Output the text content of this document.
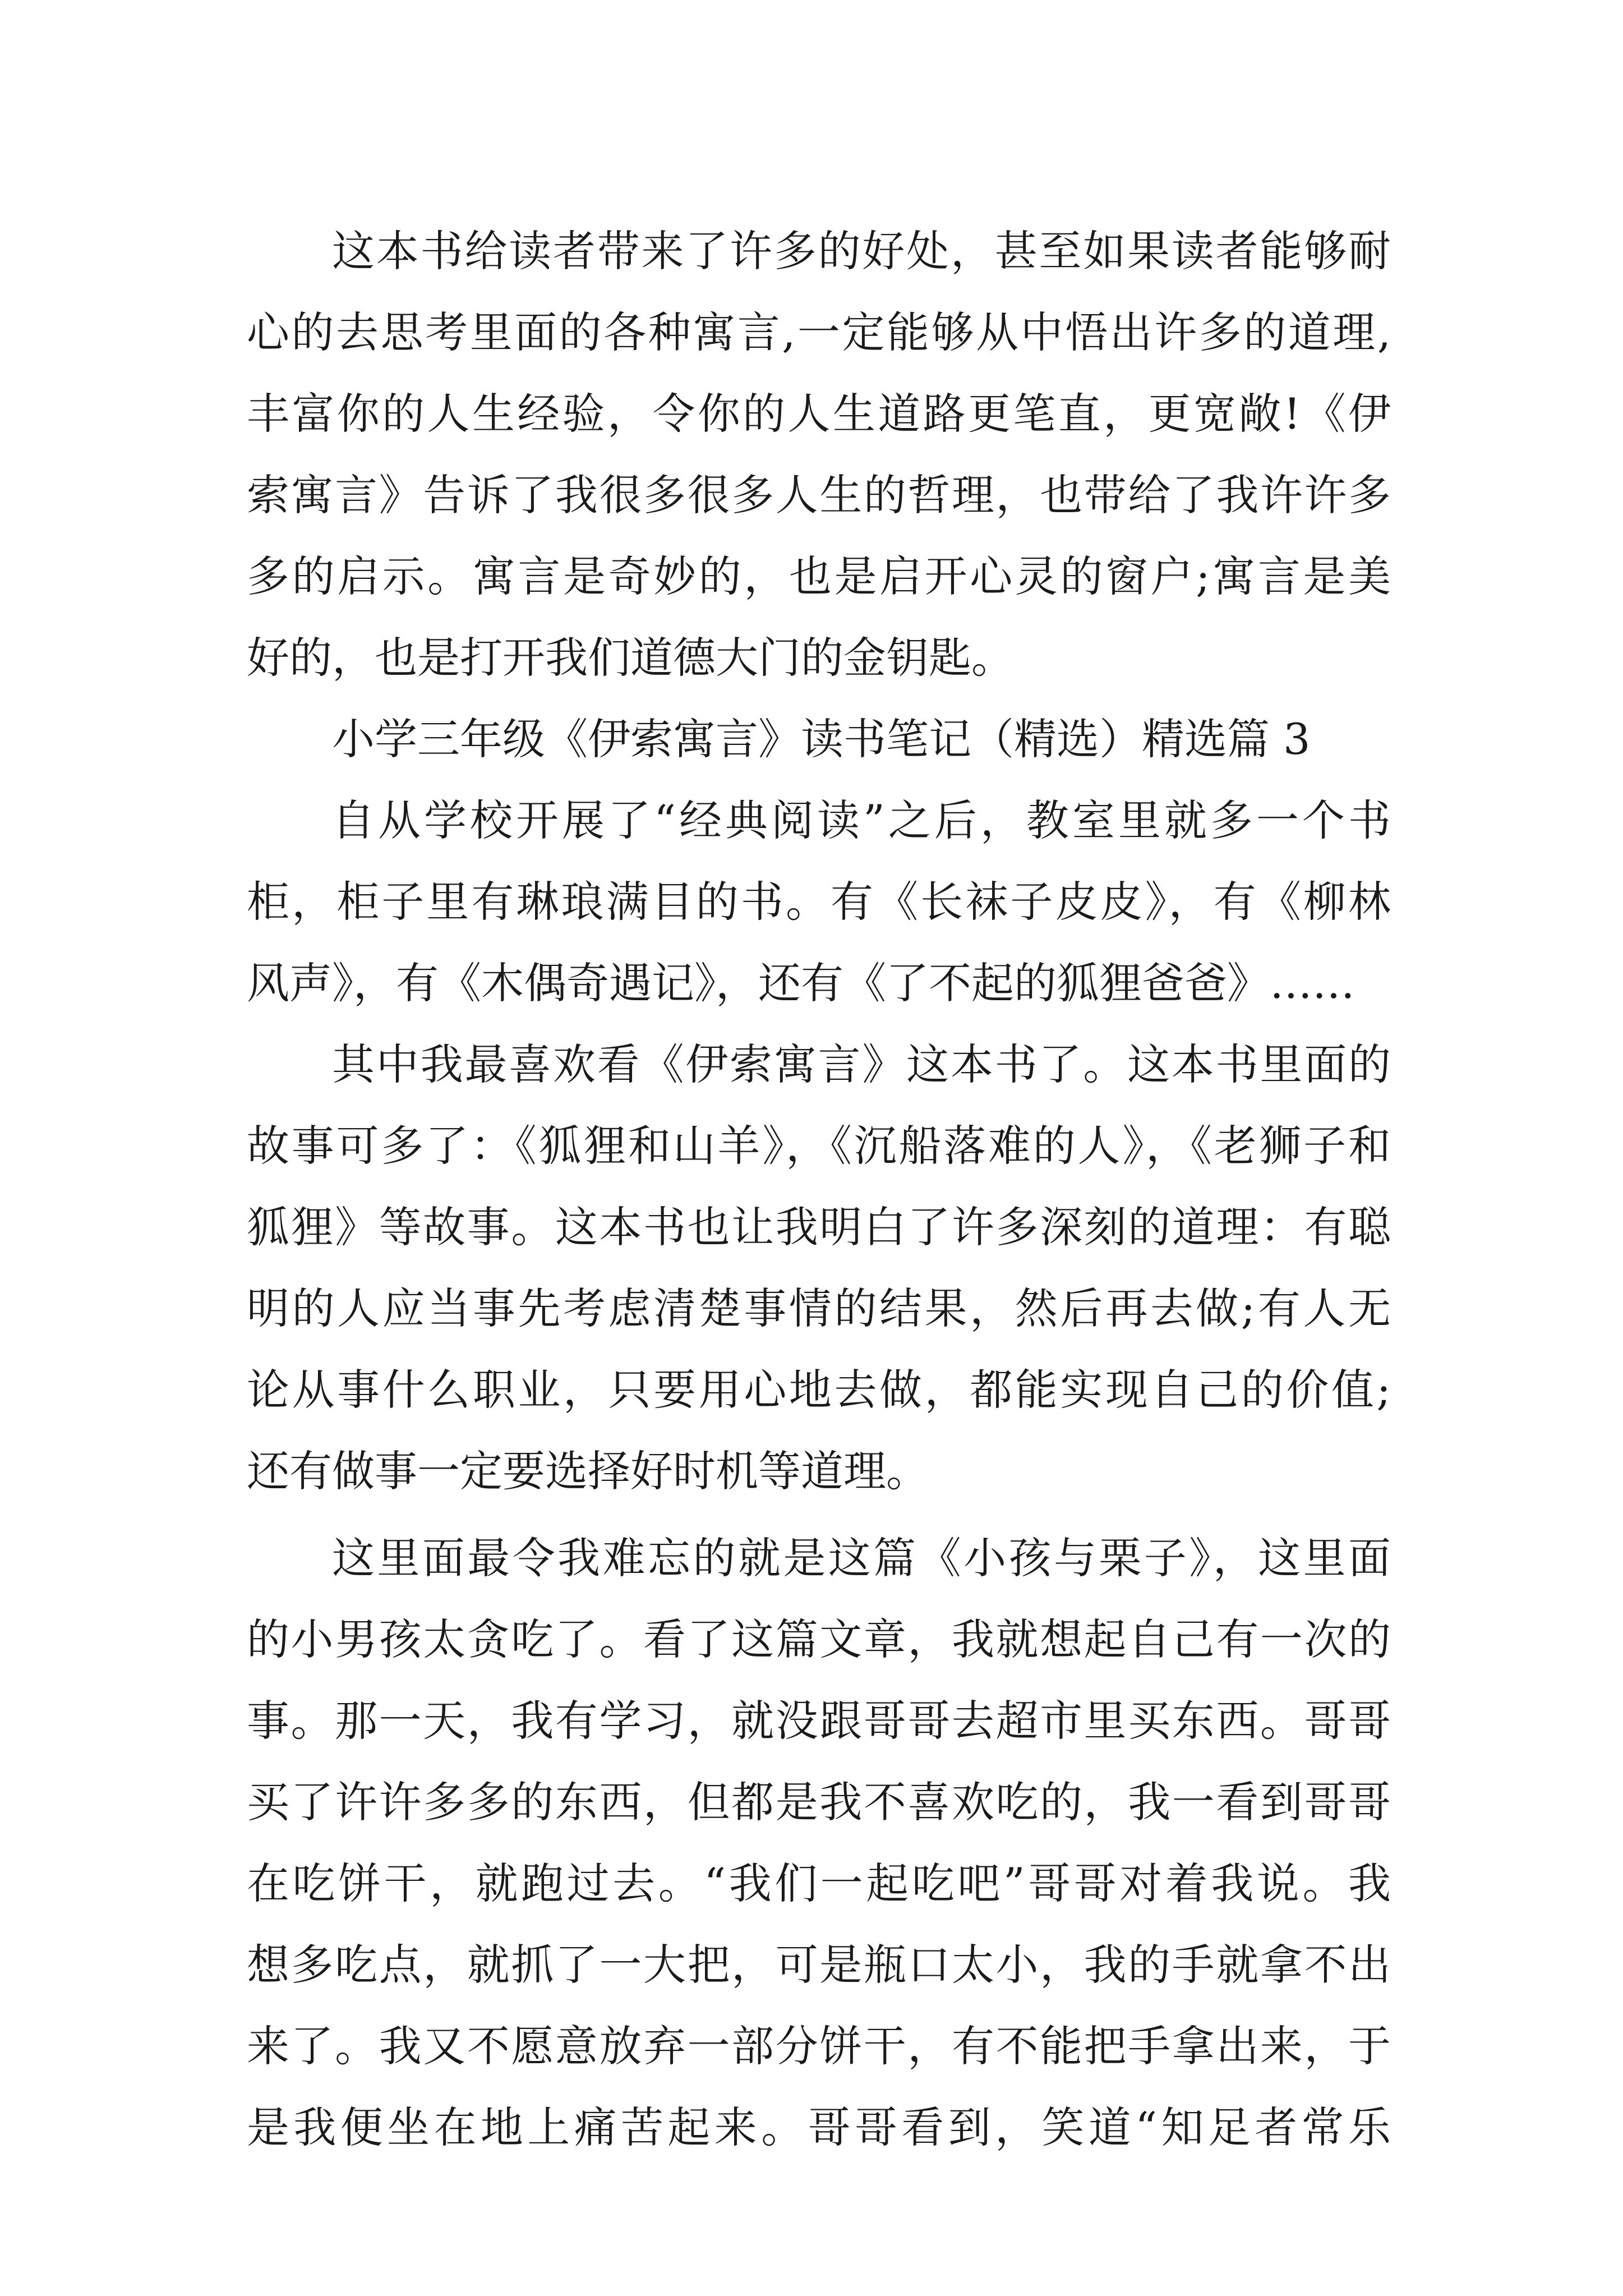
这本书给读者带来了许多的好处，甚至如果读者能够耐
心的去思考里面的各种寓言,一定能够从中悟出许多的道理,
丰富你的人生经验，令你的人生道路更笔直，更宽敞!《伊
索寓言》告诉了我很多很多人生的哲理，也带给了我许许多
多的启示。寓言是奇妙的，也是启开心灵的窗户;寓言是美
好的，也是打开我们道德大门的金钥匙。
小学三年级《伊索寓言》读书笔记（精选）精选篇 3
自从学校开展了“经典阅读”之后，教室里就多一个书
柜，柜子里有琳琅满目的书。有《长袜子皮皮》，有《柳林
风声》，有《木偶奇遇记》，还有《了不起的狐狸爸爸》……
其中我最喜欢看《伊索寓言》这本书了。这本书里面的
故事可多了：《狐狸和山羊》，《沉船落难的人》，《老狮子和
狐狸》等故事。这本书也让我明白了许多深刻的道理：有聪
明的人应当事先考虑清楚事情的结果，然后再去做;有人无
论从事什么职业，只要用心地去做，都能实现自己的价值;
还有做事一定要选择好时机等道理。
这里面最令我难忘的就是这篇《小孩与栗子》，这里面
的小男孩太贪吃了。看了这篇文章，我就想起自己有一次的
事。那一天，我有学习，就没跟哥哥去超市里买东西。哥哥
买了许许多多的东西，但都是我不喜欢吃的，我一看到哥哥
在吃饼干，就跑过去。“我们一起吃吧”哥哥对着我说。我
想多吃点，就抓了一大把，可是瓶口太小，我的手就拿不出
来了。我又不愿意放弃一部分饼干，有不能把手拿出来，于
是我便坐在地上痛苦起来。哥哥看到，笑道“知足者常乐
